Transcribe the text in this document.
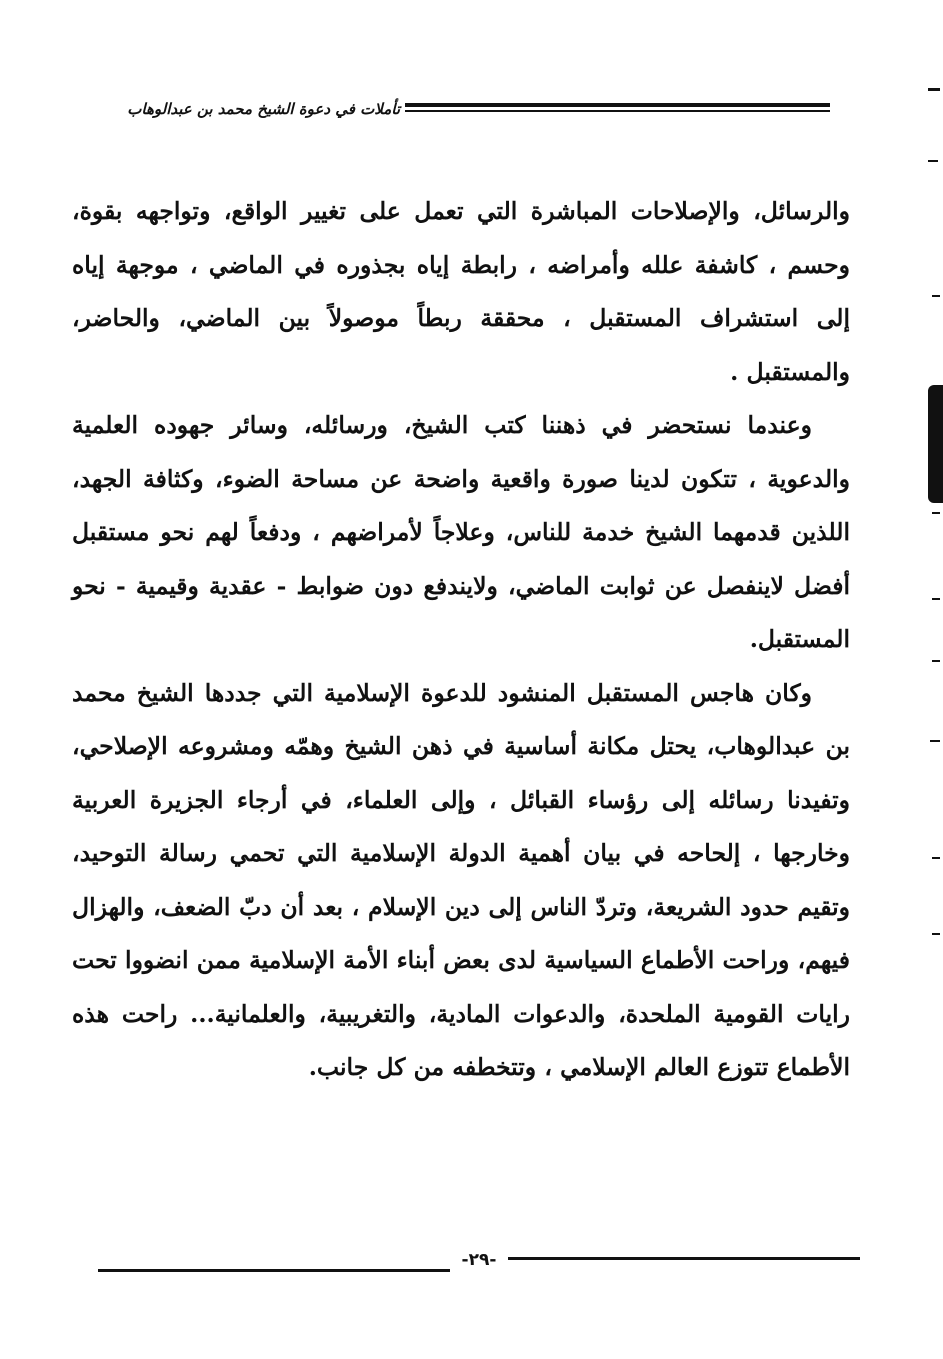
تأملات في دعوة الشيخ محمد بن عبدالوهاب

والرسائل، والإصلاحات المباشرة التي تعمل على تغيير الواقع، وتواجهه بقوة، وحسم ، كاشفة علله وأمراضه ، رابطة إياه بجذوره في الماضي ، موجهة إياه إلى استشراف المستقبل ، محققة ربطاً موصولاً بين الماضي، والحاضر، والمستقبل .

وعندما نستحضر في ذهننا كتب الشيخ، ورسائله، وسائر جهوده العلمية والدعوية ، تتكون لدينا صورة واقعية واضحة عن مساحة الضوء، وكثافة الجهد، اللذين قدمهما الشيخ خدمة للناس، وعلاجاً لأمراضهم ، ودفعاً لهم نحو مستقبل أفضل لاينفصل عن ثوابت الماضي، ولايندفع دون ضوابط - عقدية وقيمية - نحو المستقبل.

وكان هاجس المستقبل المنشود للدعوة الإسلامية التي جددها الشيخ محمد بن عبدالوهاب، يحتل مكانة أساسية في ذهن الشيخ وهمّه ومشروعه الإصلاحي، وتفيدنا رسائله إلى رؤساء القبائل ، وإلى العلماء، في أرجاء الجزيرة العربية وخارجها ، إلحاحه في بيان أهمية الدولة الإسلامية التي تحمي رسالة التوحيد، وتقيم حدود الشريعة، وتردّ الناس إلى دين الإسلام ، بعد أن دبّ الضعف، والهزال فيهم، وراحت الأطماع السياسية لدى بعض أبناء الأمة الإسلامية ممن انضووا تحت رايات القومية الملحدة، والدعوات المادية، والتغريبية، والعلمانية... راحت هذه الأطماع تتوزع العالم الإسلامي ، وتتخطفه من كل جانب.

-٢٩-
